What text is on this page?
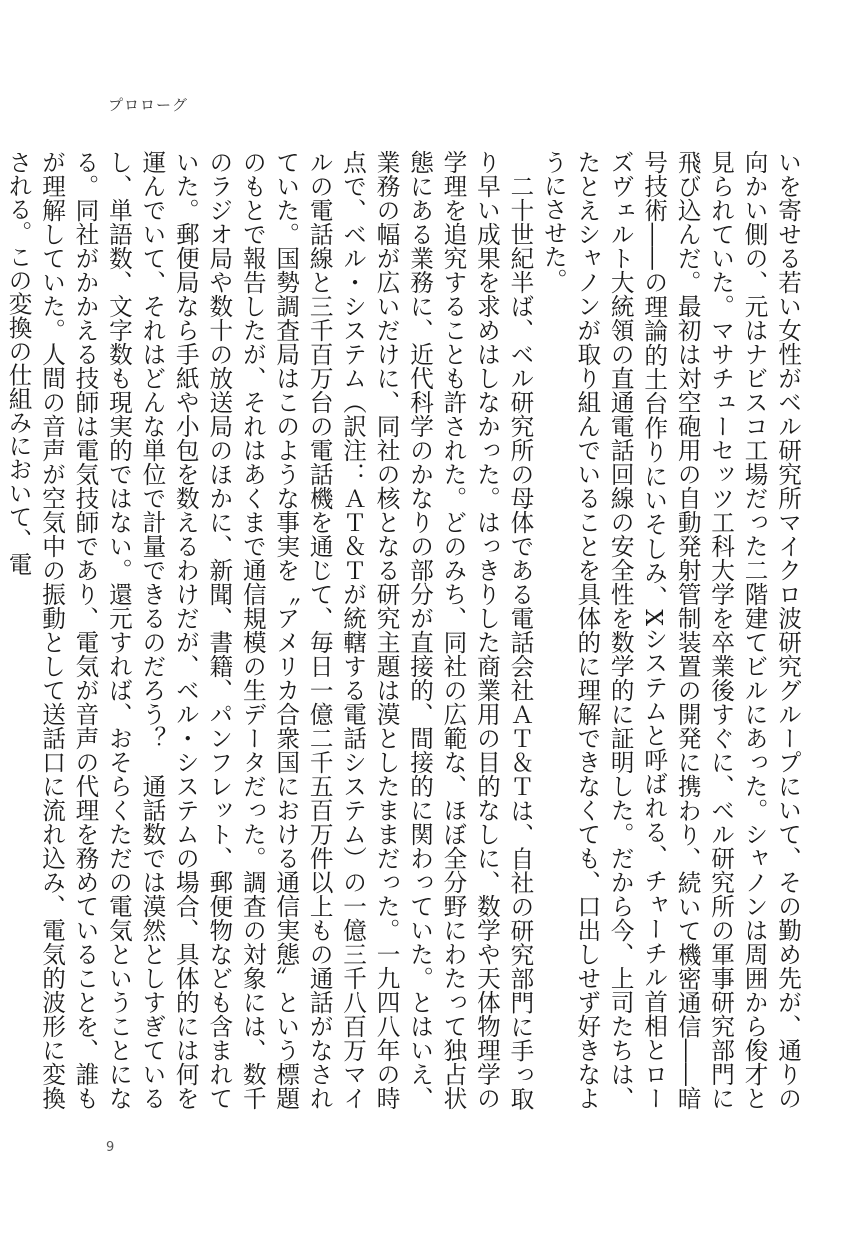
プロローグ

いを寄せる若い女性がベル研究所マイクロ波研究グループにいて、その勤め先が、通りの向かい側の、元はナビスコ工場だった二階建てビルにあった。シャノンは周囲から俊才と見られていた。マサチューセッツ工科大学を卒業後すぐに、ベル研究所の軍事研究部門に飛び込んだ。最初は対空砲用の自動発射管制装置の開発に携わり、続いて機密通信――暗号技術――の理論的土台作りにいそしみ、Xシステムと呼ばれる、チャーチル首相とローズヴェルト大統領の直通電話回線の安全性を数学的に証明した。だから今、上司たちは、たとえシャノンが取り組んでいることを具体的に理解できなくても、口出しせず好きなようにさせた。

二十世紀半ば、ベル研究所の母体である電話会社ＡＴ＆Ｔは、自社の研究部門に手っ取り早い成果を求めはしなかった。はっきりした商業用の目的なしに、数学や天体物理学の学理を追究することも許された。どのみち、同社の広範な、ほぼ全分野にわたって独占状態にある業務に、近代科学のかなりの部分が直接的、間接的に関わっていた。とはいえ、業務の幅が広いだけに、同社の核となる研究主題は漠としたままだった。一九四八年の時点で、ベル・システム（訳注：ＡＴ＆Ｔが統轄する電話システム）の一億三千八百万マイルの電話線と三千百万台の電話機を通じて、毎日一億二千五百万件以上もの通話がなされていた。国勢調査局はこのような事実を〝アメリカ合衆国における通信実態〟という標題のもとで報告したが、それはあくまで通信規模の生データだった。調査の対象には、数千のラジオ局や数十の放送局のほかに、新聞、書籍、パンフレット、郵便物なども含まれていた。郵便局なら手紙や小包を数えるわけだが、ベル・システムの場合、具体的には何を運んでいて、それはどんな単位で計量できるのだろう？　通話数では漠然としすぎているし、単語数、文字数も現実的ではない。還元すれば、おそらくただの電気ということになる。同社がかかえる技師は電気技師であり、電気が音声の代理を務めていることを、誰もが理解していた。人間の音声が空気中の振動として送話口に流れ込み、電気的波形に変換される。この変換の仕組みにおいて、電

9
